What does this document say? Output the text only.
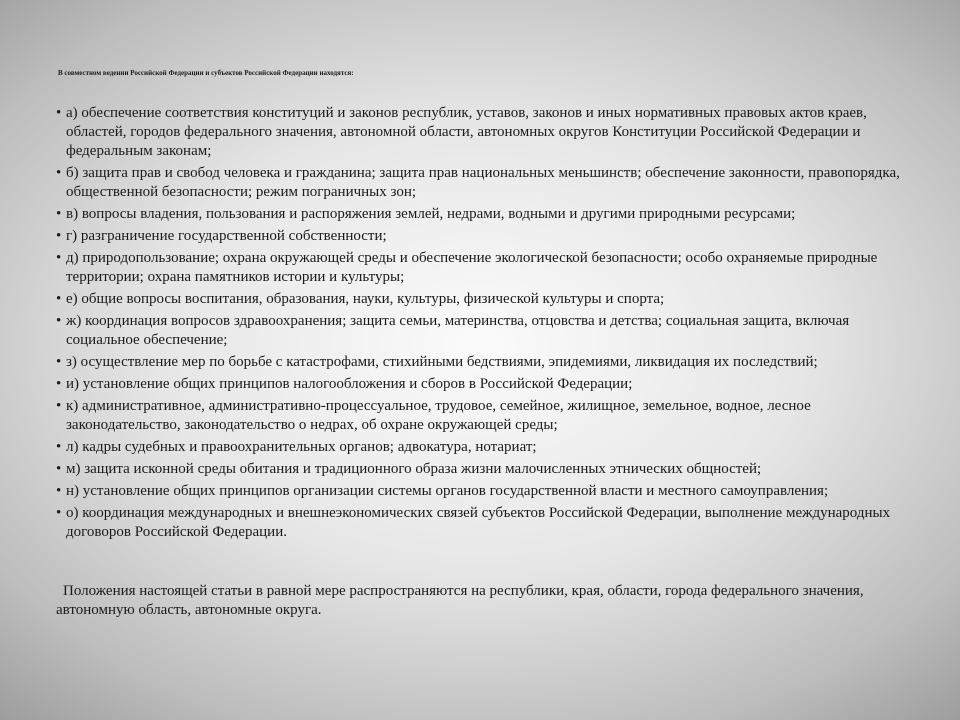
В совместном ведении Российской Федерации и субъектов Российской Федерации находятся:
• а) обеспечение соответствия конституций и законов республик, уставов, законов и иных нормативных правовых актов краев, областей, городов федерального значения, автономной области, автономных округов Конституции Российской Федерации и федеральным законам;
• б) защита прав и свобод человека и гражданина; защита прав национальных меньшинств; обеспечение законности, правопорядка, общественной безопасности; режим пограничных зон;
• в) вопросы владения, пользования и распоряжения землей, недрами, водными и другими природными ресурсами;
• г) разграничение государственной собственности;
• д) природопользование; охрана окружающей среды и обеспечение экологической безопасности; особо охраняемые природные территории; охрана памятников истории и культуры;
• е) общие вопросы воспитания, образования, науки, культуры, физической культуры и спорта;
• ж) координация вопросов здравоохранения; защита семьи, материнства, отцовства и детства; социальная защита, включая социальное обеспечение;
• з) осуществление мер по борьбе с катастрофами, стихийными бедствиями, эпидемиями, ликвидация их последствий;
• и) установление общих принципов налогообложения и сборов в Российской Федерации;
• к) административное, административно-процессуальное, трудовое, семейное, жилищное, земельное, водное, лесное законодательство, законодательство о недрах, об охране окружающей среды;
• л) кадры судебных и правоохранительных органов; адвокатура, нотариат;
• м) защита исконной среды обитания и традиционного образа жизни малочисленных этнических общностей;
• н) установление общих принципов организации системы органов государственной власти и местного самоуправления;
• о) координация международных и внешнеэкономических связей субъектов Российской Федерации, выполнение международных договоров Российской Федерации.
Положения настоящей статьи в равной мере распространяются на республики, края, области, города федерального значения, автономную область, автономные округа.
